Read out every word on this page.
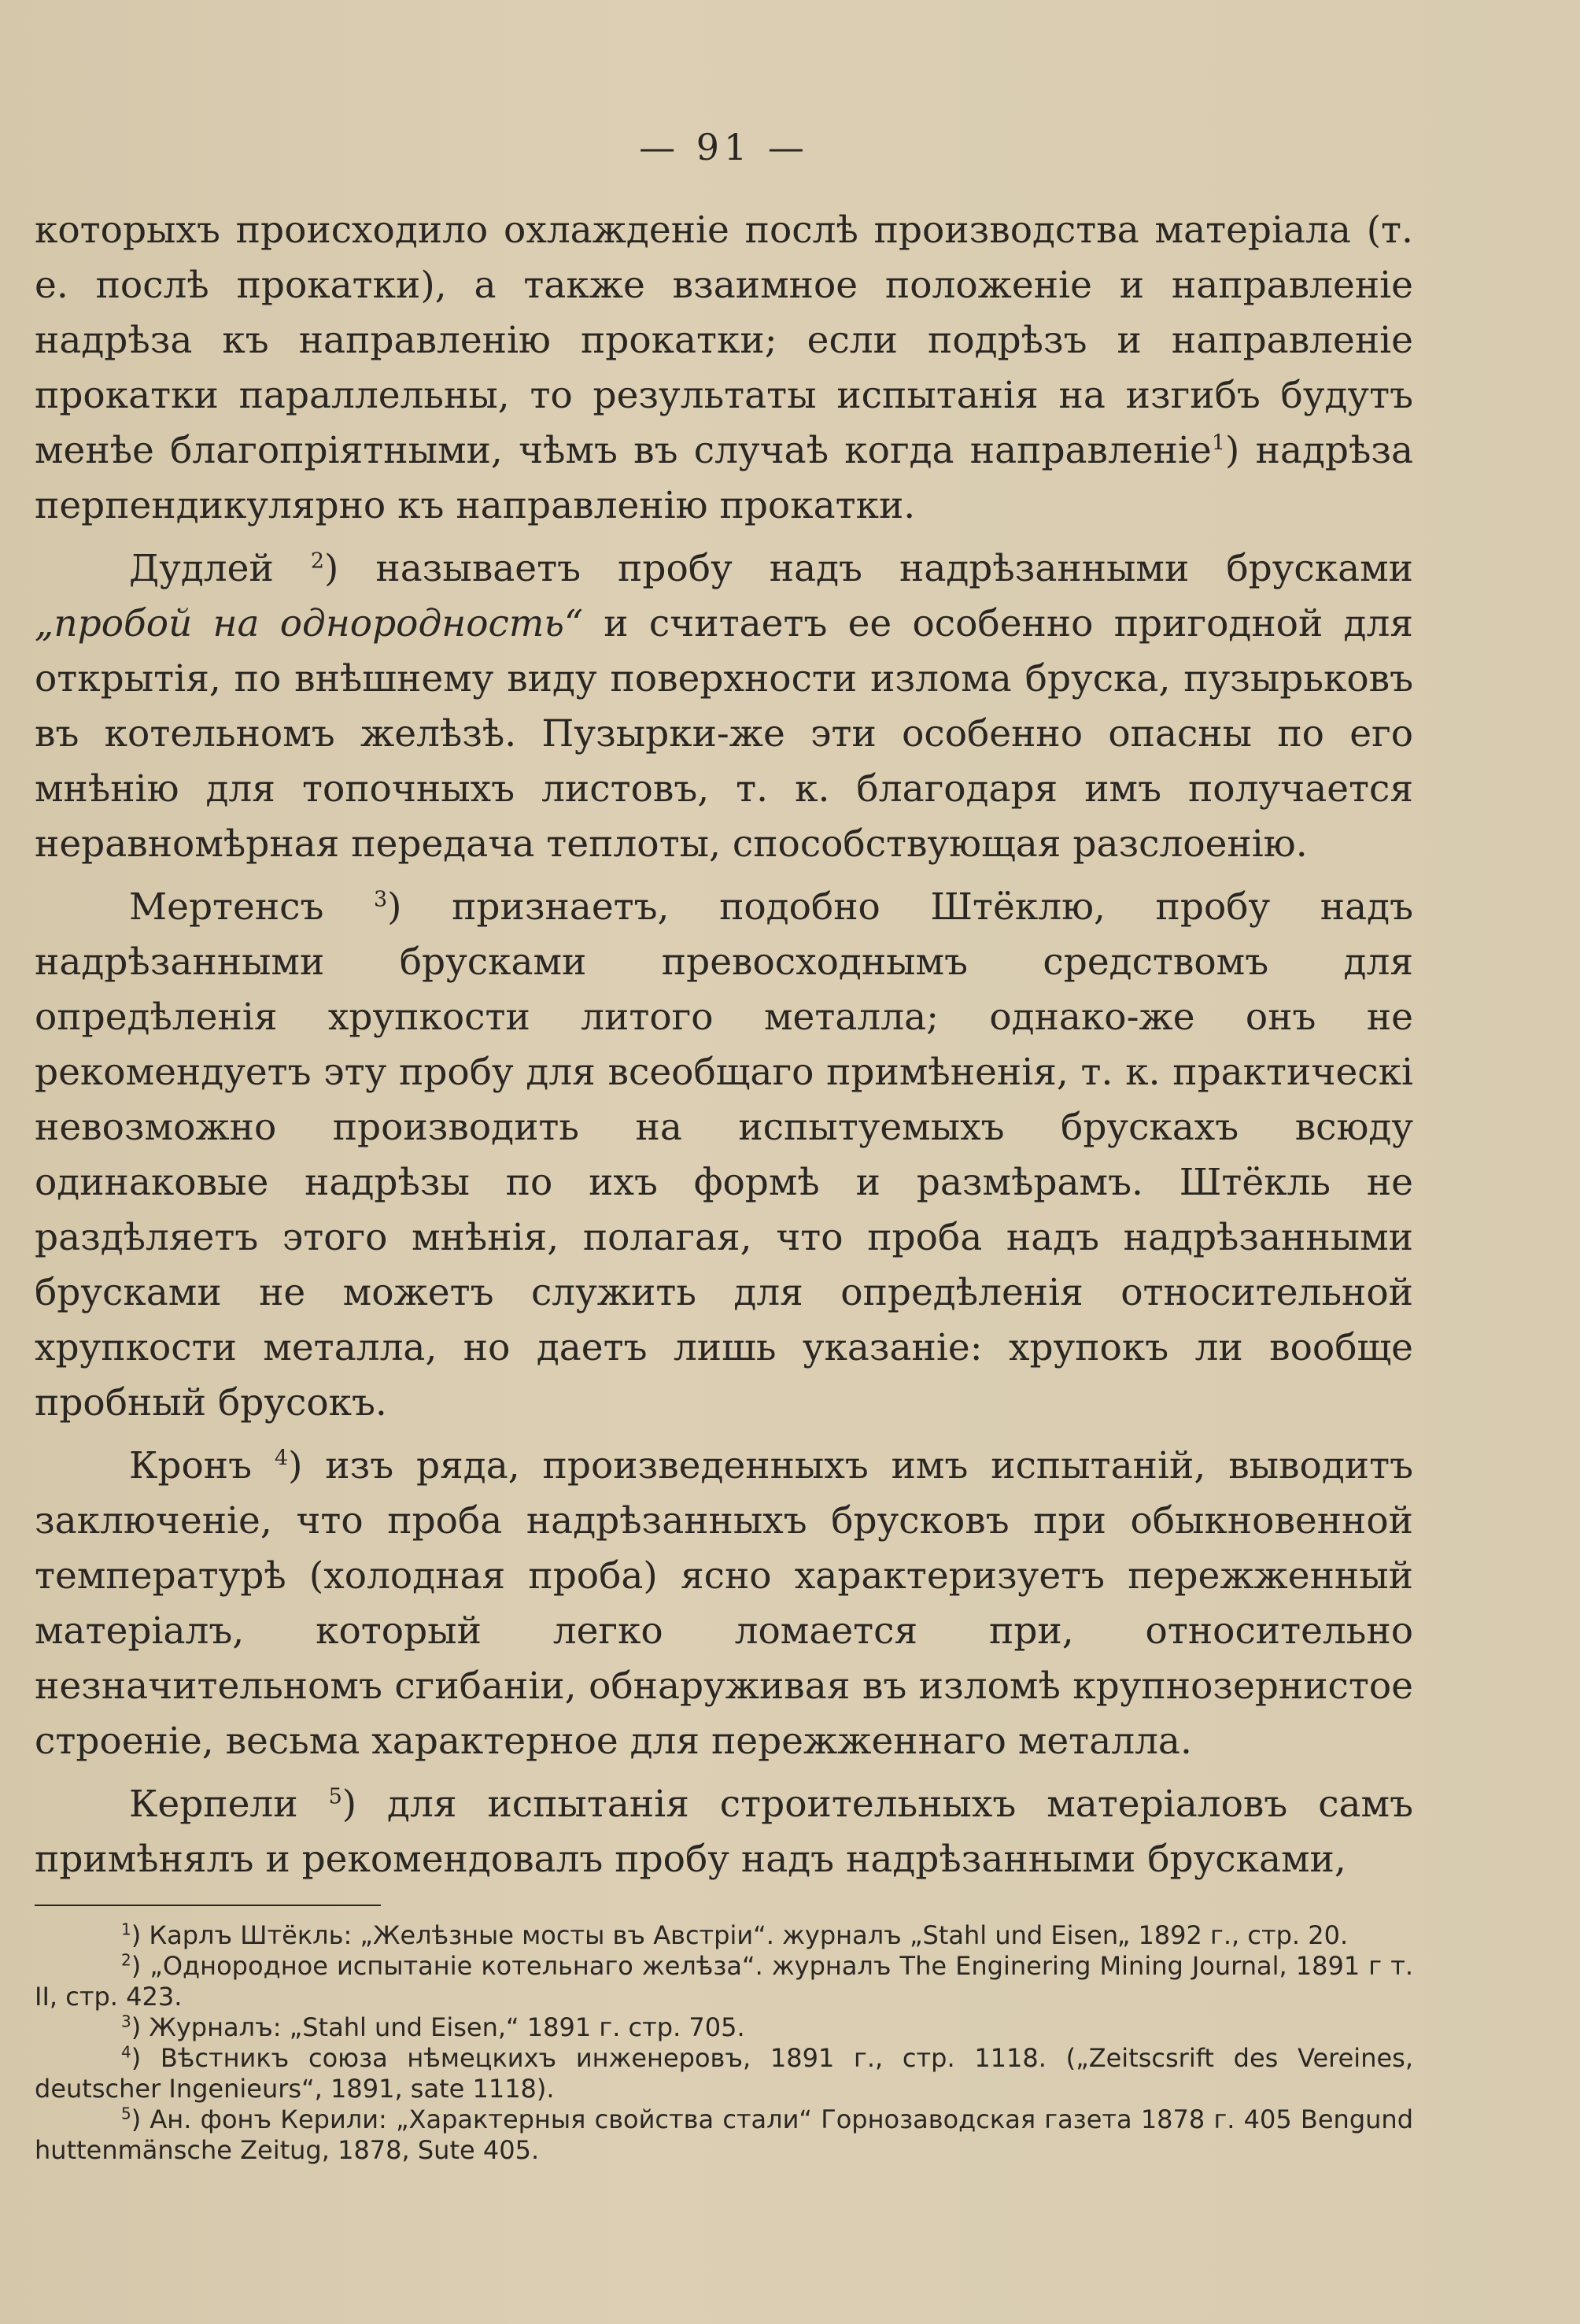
— 91 —

которыхъ происходило охлажденіе послѣ производства матеріала (т. е. послѣ прокатки), а также взаимное положеніе и направленіе надрѣза къ направленію прокатки; если подрѣзъ и направленіе прокатки параллельны, то результаты испытанія на изгибъ будутъ менѣе благопріятными, чѣмъ въ случаѣ когда направленіе$^1$) надрѣза перпендикулярно къ направленію прокатки.

Дудлей $^2$) называетъ пробу надъ надрѣзанными брусками „пробой на однородность“ и считаетъ ее особенно пригодной для открытія, по внѣшнему виду поверхности излома бруска, пузырьковъ въ котельномъ желѣзѣ. Пузырки-же эти особенно опасны по его мнѣнію для топочныхъ листовъ, т. к. благодаря имъ получается неравномѣрная передача теплоты, способствующая разслоенію.

Мертенсъ $^3$) признаетъ, подобно Штёклю, пробу надъ надрѣзанными брусками превосходнымъ средствомъ для опредѣленія хрупкости литого металла; однако-же онъ не рекомендуетъ эту пробу для всеобщаго примѣненія, т. к. практическі невозможно производить на испытуемыхъ брускахъ всюду одинаковые надрѣзы по ихъ формѣ и размѣрамъ. Штёкль не раздѣляетъ этого мнѣнія, полагая, что проба надъ надрѣзанными брусками не можетъ служить для опредѣленія относительной хрупкости металла, но даетъ лишь указаніе: хрупокъ ли вообще пробный брусокъ.

Кронъ $^4$) изъ ряда, произведенныхъ имъ испытаній, выводитъ заключеніе, что проба надрѣзанныхъ брусковъ при обыкновенной температурѣ (холодная проба) ясно характеризуетъ пережженный матеріалъ, который легко ломается при, относительно незначительномъ сгибаніи, обнаруживая въ изломѣ крупнозернистое строеніе, весьма характерное для пережженнаго металла.

Керпели $^5$) для испытанія строительныхъ матеріаловъ самъ примѣнялъ и рекомендовалъ пробу надъ надрѣзанными брусками,

$^1$) Карлъ Штёкль: „Желѣзные мосты въ Австріи“. журналъ „Stahl und Eisen„ 1892 г., стр. 20.
$^2$) „Однородное испытаніе котельнаго желѣза“. журналъ The Enginering Mining Journal, 1891 г т. II, стр. 423.
$^3$) Журналъ: „Stahl und Eisen,“ 1891 г. стр. 705.
$^4$) Вѣстникъ союза нѣмецкихъ инженеровъ, 1891 г., стр. 1118. („Zeitscsrift des Vereines, deutscher Ingenieurs“, 1891, sate 1118).
$^5$) Ан. фонъ Керили: „Характерныя свойства стали“ Горнозаводская газета 1878 г. 405 Bengund huttenmänsche Zeitug, 1878, Sute 405.
